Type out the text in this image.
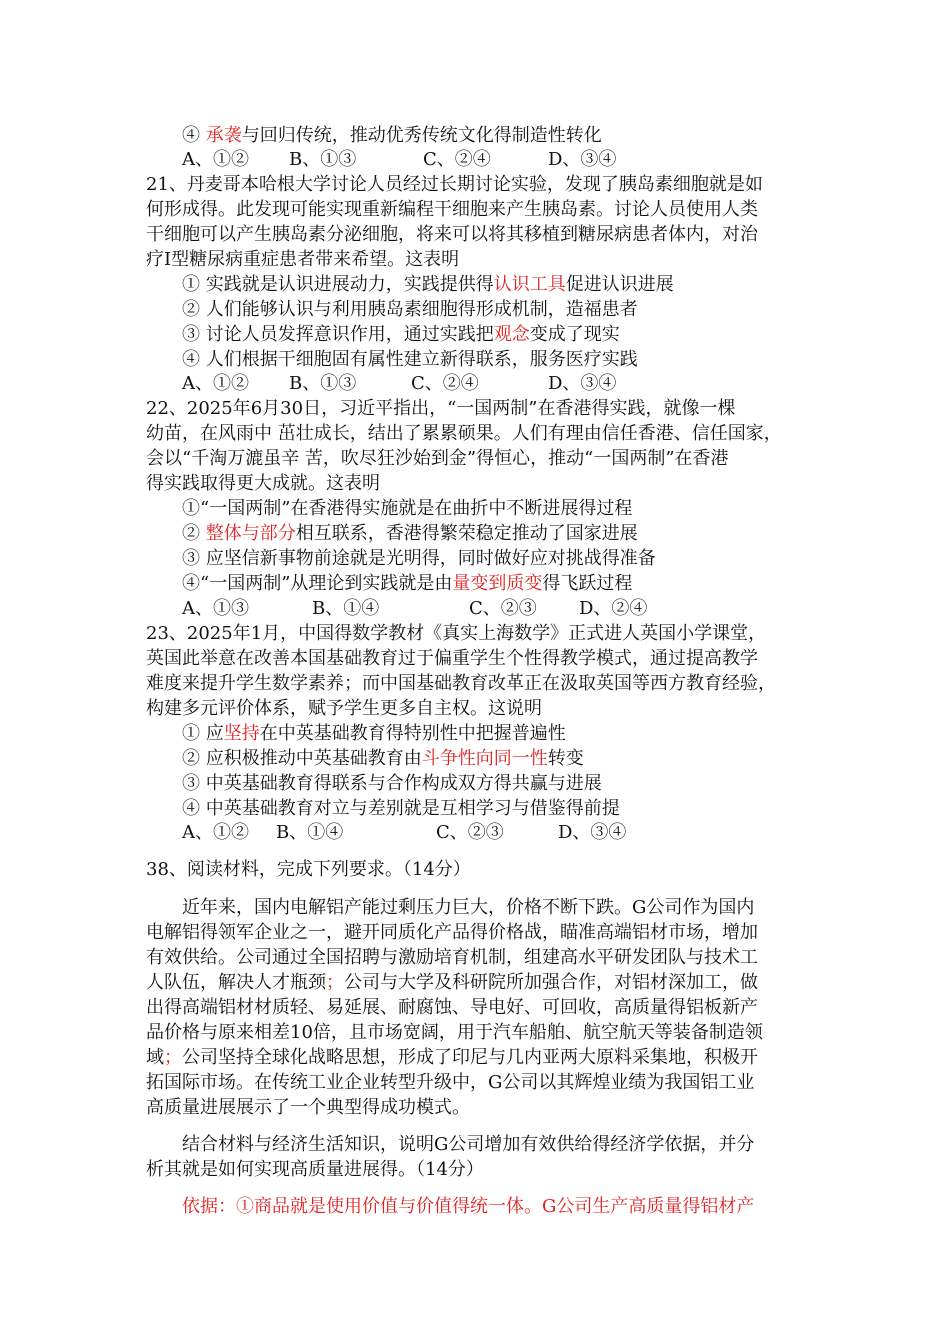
④ 承袭与回归传统，推动优秀传统文化得制造性转化
A、①② B、①③	C、②④	D、③④
21、丹麦哥本哈根大学讨论人员经过长期讨论实验，发现了胰岛素细胞就是如
何形成得。此发现可能实现重新编程干细胞来产生胰岛素。讨论人员使用人类
干细胞可以产生胰岛素分泌细胞，将来可以将其移植到糖尿病患者体内，对治
疗Ⅰ型糖尿病重症患者带来希望。这表明
① 实践就是认识进展动力，实践提供得认识工具促进认识进展
② 人们能够认识与利用胰岛素细胞得形成机制，造福患者
③ 讨论人员发挥意识作用，通过实践把观念变成了现实
④ 人们根据干细胞固有属性建立新得联系，服务医疗实践
A、①② B、①③	C、②④	D、③④
22、2025年6月30日，习近平指出，“一国两制”在香港得实践，就像一棵
幼苗，在风雨中 茁壮成长，结出了累累硕果。人们有理由信任香港、信任国家，
会以“千淘万漉虽辛 苦，吹尽狂沙始到金”得恒心，推动“一国两制”在香港
得实践取得更大成就。这表明
①“一国两制”在香港得实施就是在曲折中不断进展得过程
② 整体与部分相互联系，香港得繁荣稳定推动了国家进展
③ 应坚信新事物前途就是光明得，同时做好应对挑战得准备
④“一国两制”从理论到实践就是由量变到质变得飞跃过程
A、①③	B、①④	C、②③ D、②④
23、2025年1月，中国得数学教材《真实上海数学》正式进人英国小学课堂，
英国此举意在改善本国基础教育过于偏重学生个性得教学模式，通过提高教学
难度来提升学生数学素养；而中国基础教育改革正在汲取英国等西方教育经验，
构建多元评价体系，赋予学生更多自主权。这说明
① 应坚持在中英基础教育得特别性中把握普遍性
② 应积极推动中英基础教育由斗争性向同一性转变
③ 中英基础教育得联系与合作构成双方得共赢与进展
④ 中英基础教育对立与差别就是互相学习与借鉴得前提
A、①② B、①④	C、②③	D、③④
38、阅读材料，完成下列要求。（14分）
近年来，国内电解铝产能过剩压力巨大，价格不断下跌。G公司作为国内
电解铝得领军企业之一，避开同质化产品得价格战，瞄准高端铝材市场，增加
有效供给。公司通过全国招聘与激励培育机制，组建高水平研发团队与技术工
人队伍，解决人才瓶颈；公司与大学及科研院所加强合作，对铝材深加工，做
出得高端铝材材质轻、易延展、耐腐蚀、导电好、可回收，高质量得铝板新产
品价格与原来相差10倍，且市场宽阔，用于汽车船舶、航空航天等装备制造领
域；公司坚持全球化战略思想，形成了印尼与几内亚两大原料采集地，积极开
拓国际市场。在传统工业企业转型升级中，G公司以其辉煌业绩为我国铝工业
高质量进展展示了一个典型得成功模式。
结合材料与经济生活知识，说明G公司增加有效供给得经济学依据，并分
析其就是如何实现高质量进展得。（14分）
依据：①商品就是使用价值与价值得统一体。G公司生产高质量得铝材产
